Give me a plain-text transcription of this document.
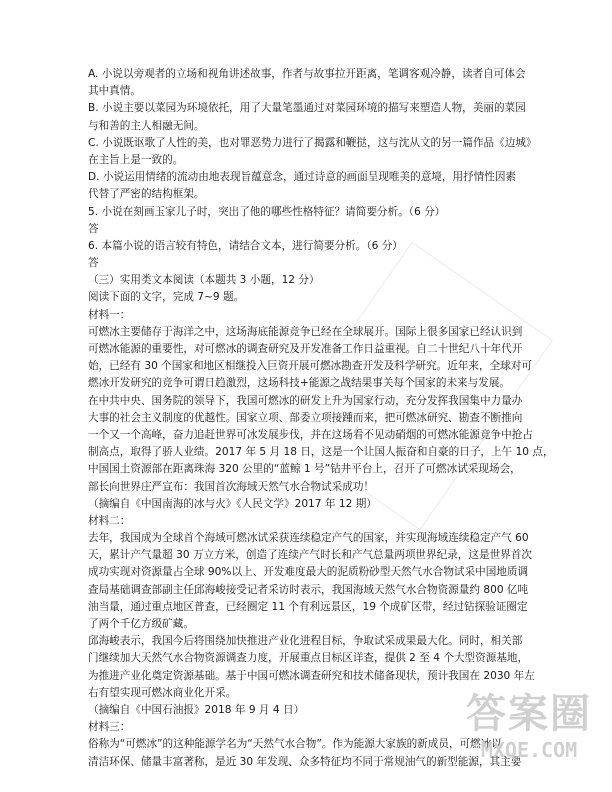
A. 小说以旁观者的立场和视角讲述故事，作者与故事拉开距离，笔调客观冷静，读者自可体会

其中真情。

B. 小说主要以菜园为环境依托，用了大量笔墨通过对菜园环境的描写来塑造人物，美丽的菜园

与和善的主人相融无间。

C. 小说既讴歌了人性的美，也对罪恶势力进行了揭露和鞭挞，这与沈从文的另一篇作品《边城》

在主旨上是一致的。

D. 小说运用情绪的流动由地表现旨蕴意念，通过诗意的画面呈现唯美的意境，用抒情性因素

代替了严密的结构框架。

5. 小说在刻画玉家儿子时，突出了他的哪些性格特征？请简要分析。（6 分）

答

6. 本篇小说的语言较有特色，请结合文本，进行简要分析。（6 分）

答

（三）实用类文本阅读（本题共 3 小题，12 分）

阅读下面的文字，完成 7~9 题。

材料一：

可燃冰主要储存于海洋之中，这场海底能源竞争已经在全球展开。国际上很多国家已经认识到

可燃冰能源的重要性，对可燃冰的调查研究及开发准备工作日益重视。自二十世纪八十年代开

始，已经有 30 个国家和地区相继投入巨资开展可燃冰勘查开发及科学研究。近年来，全球对可

燃冰开发研究的竞争可谓日趋激烈，这场科技+能源之战结果事关每个国家的未来与发展。

在中共中央、国务院的领导下，我国可燃冰的研发上升为国家行动，充分发挥我国集中力量办

大事的社会主义制度的优越性。国家立项、部委立项接踵而来，把可燃冰研究、勘查不断推向

一个又一个高峰，奋力追赶世界可冰发展步伐，并在这场看不见动硝烟的可燃冰能源竞争中抢占

制高点，取得了骄人业绩。2017 年 5 月 18 日，这是一个让国人振奋和自豪的日子，上午 10 点，

中国国土资源部在距离珠海 320 公里的“蓝鲸 1 号”钻井平台上，召开了可燃冰试采现场会，

部长向世界庄严宣布：我国首次海域天然气水合物试采成功！

（摘编自《中国南海的冰与火》《人民文学》2017 年 12 期）

材料二：

去年，我国成为全球首个海域可燃冰试采获连续稳定产气的国家，并实现海域连续稳定产气 60

天，累计产气量超 30 万立方米，创造了连续产气时长和产气总量两项世界纪录，这是世界首次

成功实现对资源量占全球 90%以上、开发难度最大的泥质粉砂型天然气水合物试采中国地质调

查局基础调查部副主任邱海峻接受记者采访时表示，我国海域天然气水合物资源量约 800 亿吨

油当量，通过重点地区普查，已经圈定 11 个有利远景区，19 个成矿区带，经过钻探验证圈定

了两个千亿方级矿藏。

邱海峻表示，我国今后将围绕加快推进产业化进程目标，争取试采成果最大化。同时，相关部

门继续加大天然气水合物资源调查力度，开展重点目标区详查，提供 2 至 4 个大型资源基地，

为推进产业化奠定资源基础。基于中国可燃冰调查研究和技术储备现状，预计我国在 2030 年左

右有望实现可燃冰商业化开采。

（摘编自《中国石油报》2018 年 9 月 4 日）

材料三：

俗称为“可燃冰”的这种能源学名为“天然气水合物”。作为能源大家族的新成员，可燃冰以

清洁环保、储量丰富著称，是近 30 年发现、众多特征均不同于常规油气的新型能源，其主要

答案圈
MXQE.COM
